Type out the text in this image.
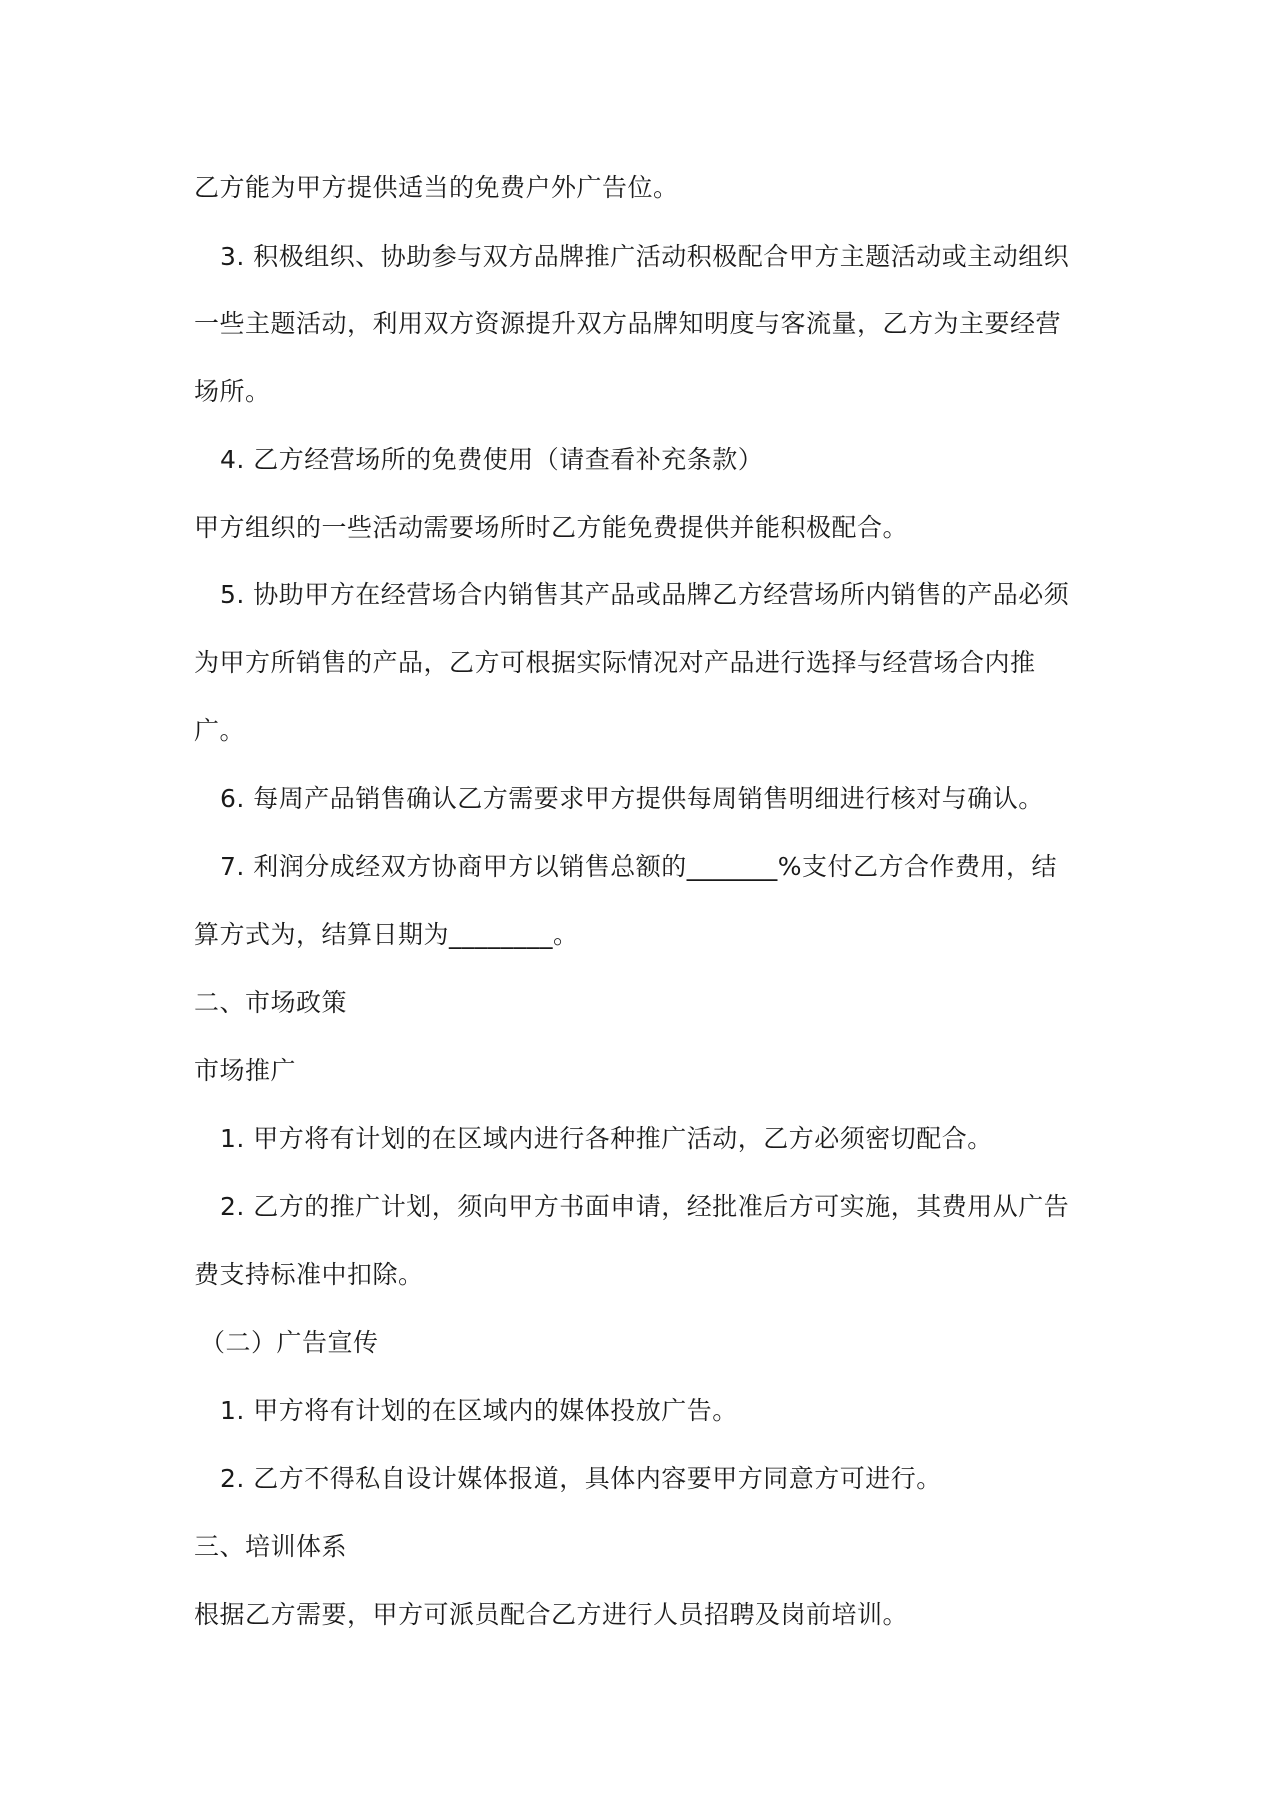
乙方能为甲方提供适当的免费户外广告位。
3. 积极组织、协助参与双方品牌推广活动积极配合甲方主题活动或主动组织
一些主题活动，利用双方资源提升双方品牌知明度与客流量，乙方为主要经营
场所。
4. 乙方经营场所的免费使用（请查看补充条款）
甲方组织的一些活动需要场所时乙方能免费提供并能积极配合。
5. 协助甲方在经营场合内销售其产品或品牌乙方经营场所内销售的产品必须
为甲方所销售的产品，乙方可根据实际情况对产品进行选择与经营场合内推
广。
6. 每周产品销售确认乙方需要求甲方提供每周销售明细进行核对与确认。
7. 利润分成经双方协商甲方以销售总额的_______%支付乙方合作费用，结
算方式为，结算日期为________。
二、市场政策
市场推广
1. 甲方将有计划的在区域内进行各种推广活动，乙方必须密切配合。
2. 乙方的推广计划，须向甲方书面申请，经批准后方可实施，其费用从广告
费支持标准中扣除。
（二）广告宣传
1. 甲方将有计划的在区域内的媒体投放广告。
2. 乙方不得私自设计媒体报道，具体内容要甲方同意方可进行。
三、培训体系
根据乙方需要，甲方可派员配合乙方进行人员招聘及岗前培训。
